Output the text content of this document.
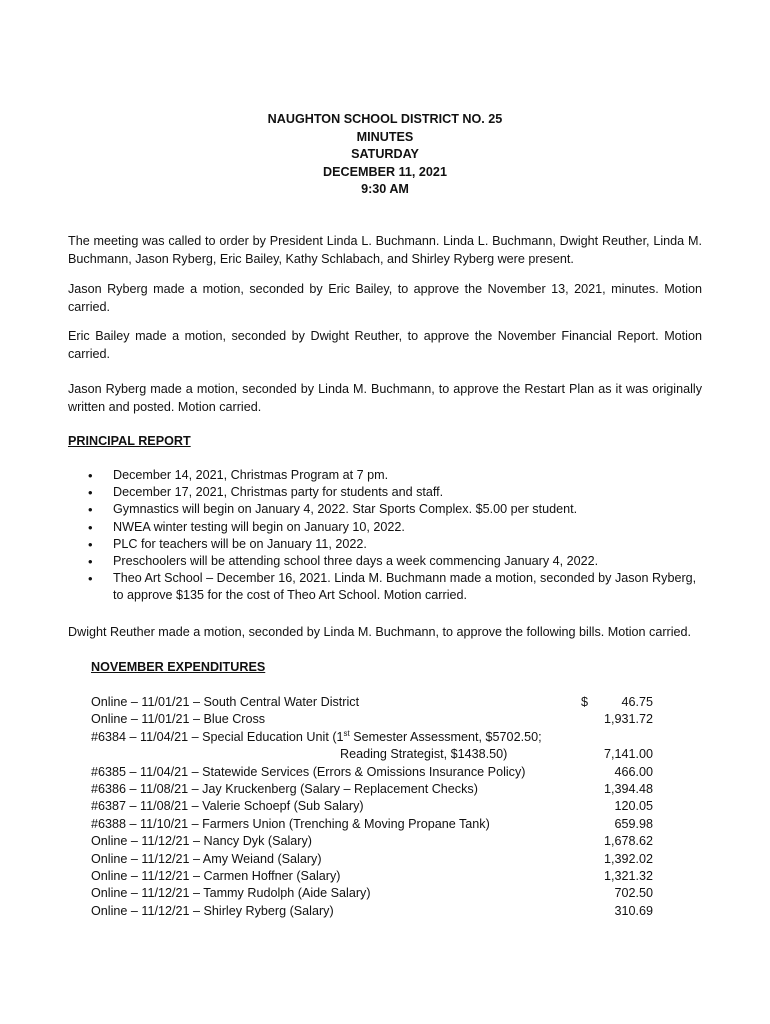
NAUGHTON SCHOOL DISTRICT NO. 25
MINUTES
SATURDAY
DECEMBER 11, 2021
9:30 AM
The meeting was called to order by President Linda L. Buchmann. Linda L. Buchmann, Dwight Reuther, Linda M. Buchmann, Jason Ryberg, Eric Bailey, Kathy Schlabach, and Shirley Ryberg were present.
Jason Ryberg made a motion, seconded by Eric Bailey, to approve the November 13, 2021, minutes. Motion carried.
Eric Bailey made a motion, seconded by Dwight Reuther, to approve the November Financial Report. Motion carried.
Jason Ryberg made a motion, seconded by Linda M. Buchmann, to approve the Restart Plan as it was originally written and posted. Motion carried.
PRINCIPAL REPORT
• December 14, 2021, Christmas Program at 7 pm.
• December 17, 2021, Christmas party for students and staff.
• Gymnastics will begin on January 4, 2022. Star Sports Complex. $5.00 per student.
• NWEA winter testing will begin on January 10, 2022.
• PLC for teachers will be on January 11, 2022.
• Preschoolers will be attending school three days a week commencing January 4, 2022.
• Theo Art School – December 16, 2021. Linda M. Buchmann made a motion, seconded by Jason Ryberg, to approve $135 for the cost of Theo Art School. Motion carried.
Dwight Reuther made a motion, seconded by Linda M. Buchmann, to approve the following bills. Motion carried.
NOVEMBER EXPENDITURES
Online – 11/01/21 – South Central Water District	$	46.75
Online – 11/01/21 – Blue Cross	1,931.72
#6384 – 11/04/21 – Special Education Unit (1st Semester Assessment, $5702.50;
Reading Strategist, $1438.50)	7,141.00
#6385 – 11/04/21 – Statewide Services (Errors & Omissions Insurance Policy)	466.00
#6386 – 11/08/21 – Jay Kruckenberg (Salary – Replacement Checks)	1,394.48
#6387 – 11/08/21 – Valerie Schoepf (Sub Salary)	120.05
#6388 – 11/10/21 – Farmers Union (Trenching & Moving Propane Tank)	659.98
Online – 11/12/21 – Nancy Dyk (Salary)	1,678.62
Online – 11/12/21 – Amy Weiand (Salary)	1,392.02
Online – 11/12/21 – Carmen Hoffner (Salary)	1,321.32
Online – 11/12/21 – Tammy Rudolph (Aide Salary)	702.50
Online – 11/12/21 – Shirley Ryberg (Salary)	310.69
